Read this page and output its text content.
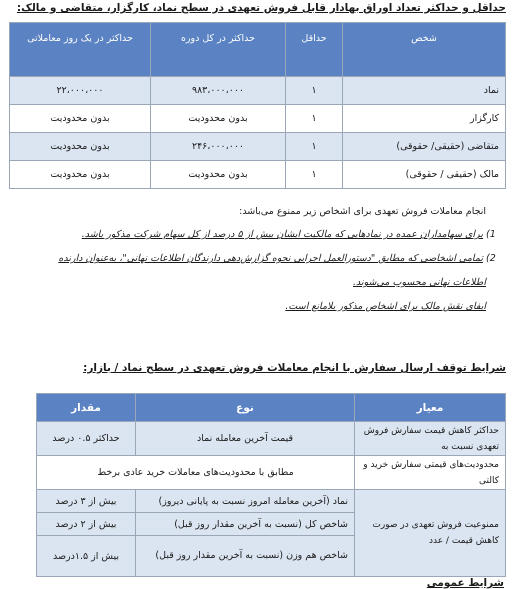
حداقل و حداکثر تعداد اوراق بهادار قابل فروش تعهدی در سطح نماد، کارگزار، متقاضی و مالک:
شخص	حداقل	حداکثر در کل دوره	حداکثر در یک روز معاملاتی
نماد	۱	۹۸۳،۰۰۰،۰۰۰	۲۲،۰۰۰،۰۰۰
کارگزار	۱	بدون محدودیت	بدون محدودیت
متقاضی (حقیقی/ حقوقی)	۱	۲۴۶،۰۰۰،۰۰۰	بدون محدودیت
مالک (حقیقی / حقوقی)	۱	بدون محدودیت	بدون محدودیت
انجام معاملات فروش تعهدی برای اشخاص زیر ممنوع می‌باشد:
1) برای سهامداران عمده در نمادهایی که مالکیت ایشان بیش از ۵ درصد از کل سهام شرکت مذکور باشد.
2) تمامی اشخاصی که مطابق "دستورالعمل اجرایی نحوه گزارش‌دهی دارندگان اطلاعات نهانی"، به‌عنوان دارنده
اطلاعات نهانی محسوب می‌شوند.
ایفای نقش مالک برای اشخاص مذکور بلامانع است.
شرایط توقف ارسال سفارش با انجام معاملات فروش تعهدی در سطح نماد / بازار:
معیار	نوع	مقدار
حداکثر کاهش قیمت سفارش فروش تعهدی نسبت به	قیمت آخرین معامله نماد	حداکثر ۰.۵ درصد
محدودیت‌های قیمتی سفارش خرید و کالتی	مطابق با محدودیت‌های معاملات خرید عادی برخط	
ممنوعیت فروش تعهدی در صورت کاهش قیمت / عدد	نماد (آخرین معامله امروز نسبت به پایانی دیروز)	بیش از ۳ درصد
	شاخص کل (نسبت به آخرین مقدار روز قبل)	بیش از ۲ درصد
	شاخص هم وزن (نسبت به آخرین مقدار روز قبل)	بیش از ۱.۵درصد
شرایط عمومی
